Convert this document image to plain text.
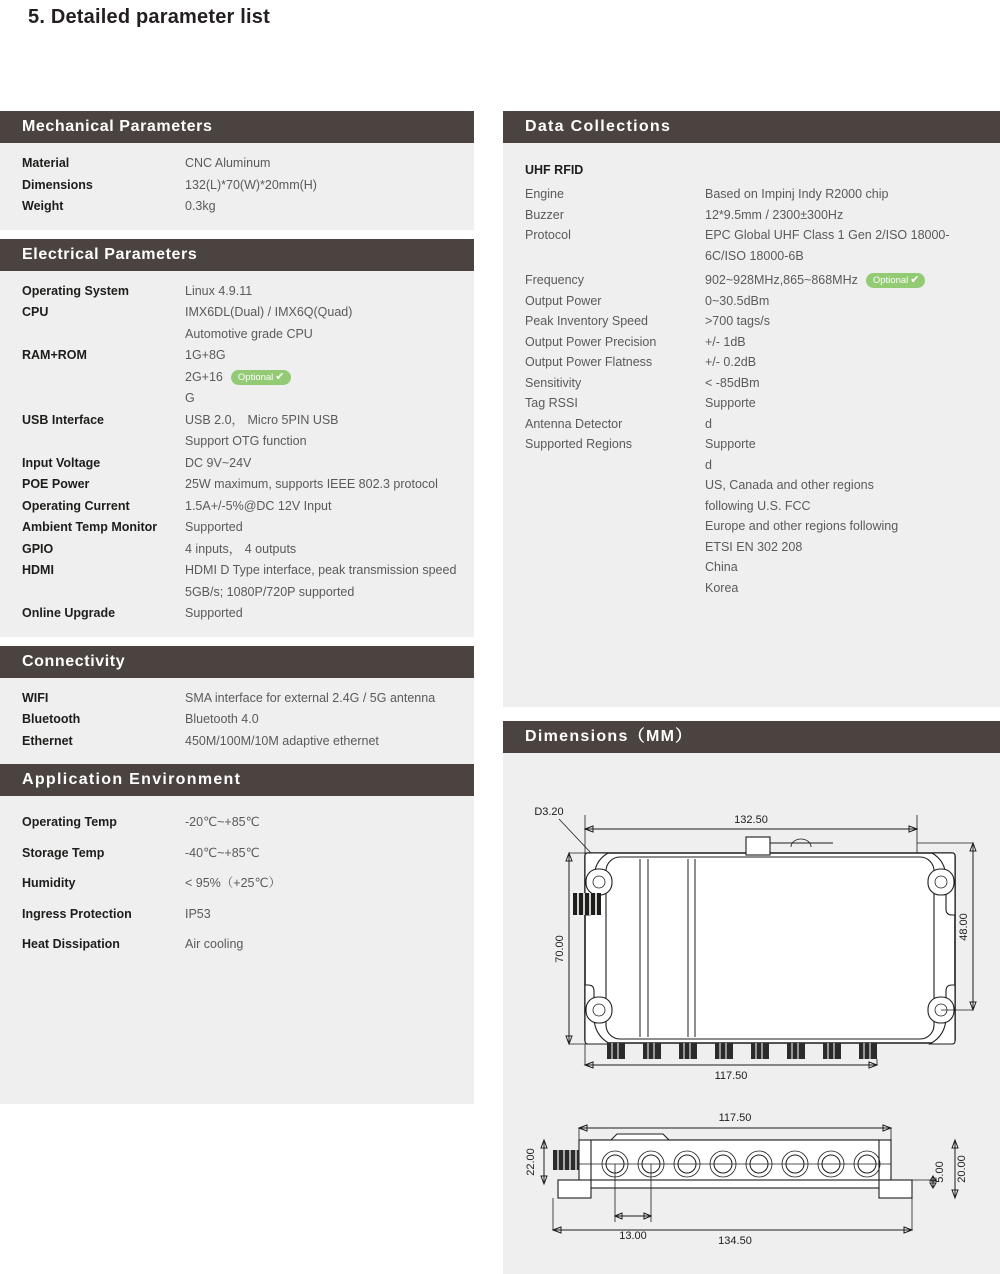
5. Detailed parameter list
Mechanical Parameters
Material	CNC Aluminum
Dimensions	132(L)*70(W)*20mm(H)
Weight	0.3kg
Electrical Parameters
Operating System	Linux 4.9.11
CPU	IMX6DL(Dual) / IMX6Q(Quad)
Automotive grade CPU
RAM+ROM	1G+8G
2G+16 Optional ✔
G
USB Interface	USB 2.0， Micro 5PIN USB
Support OTG function
Input Voltage	DC 9V~24V
POE Power	25W maximum, supports IEEE 802.3 protocol
Operating Current	1.5A+/-5%@DC 12V Input
Ambient Temp Monitor	Supported
GPIO	4 inputs， 4 outputs
HDMI	HDMI D Type interface, peak transmission speed
5GB/s; 1080P/720P supported
Online Upgrade	Supported
Connectivity
WIFI	SMA interface for external 2.4G / 5G antenna
Bluetooth	Bluetooth 4.0
Ethernet	450M/100M/10M adaptive ethernet
Application Environment
Operating Temp	-20℃~+85℃
Storage Temp	-40℃~+85℃
Humidity	< 95%（+25℃）
Ingress Protection	IP53
Heat Dissipation	Air cooling
Data Collections
UHF RFID
Engine	Based on Impinj Indy R2000 chip
Buzzer	12*9.5mm / 2300±300Hz
Protocol	EPC Global UHF Class 1 Gen 2/ISO 18000-
6C/ISO 18000-6B
Frequency	902~928MHz,865~868MHz Optional ✔
Output Power	0~30.5dBm
Peak Inventory Speed	>700 tags/s
Output Power Precision	+/- 1dB
Output Power Flatness	+/- 0.2dB
Sensitivity	< -85dBm
Tag RSSI	Supporte
Antenna Detector	d
Supported Regions	Supporte
d
US, Canada and other regions
following U.S. FCC
Europe and other regions following
ETSI EN 302 208
China
Korea
Dimensions（MM）
132.50
D3.20
70.00
48.00
117.50
117.50
22.00	20.00
5.00
13.00	134.50
